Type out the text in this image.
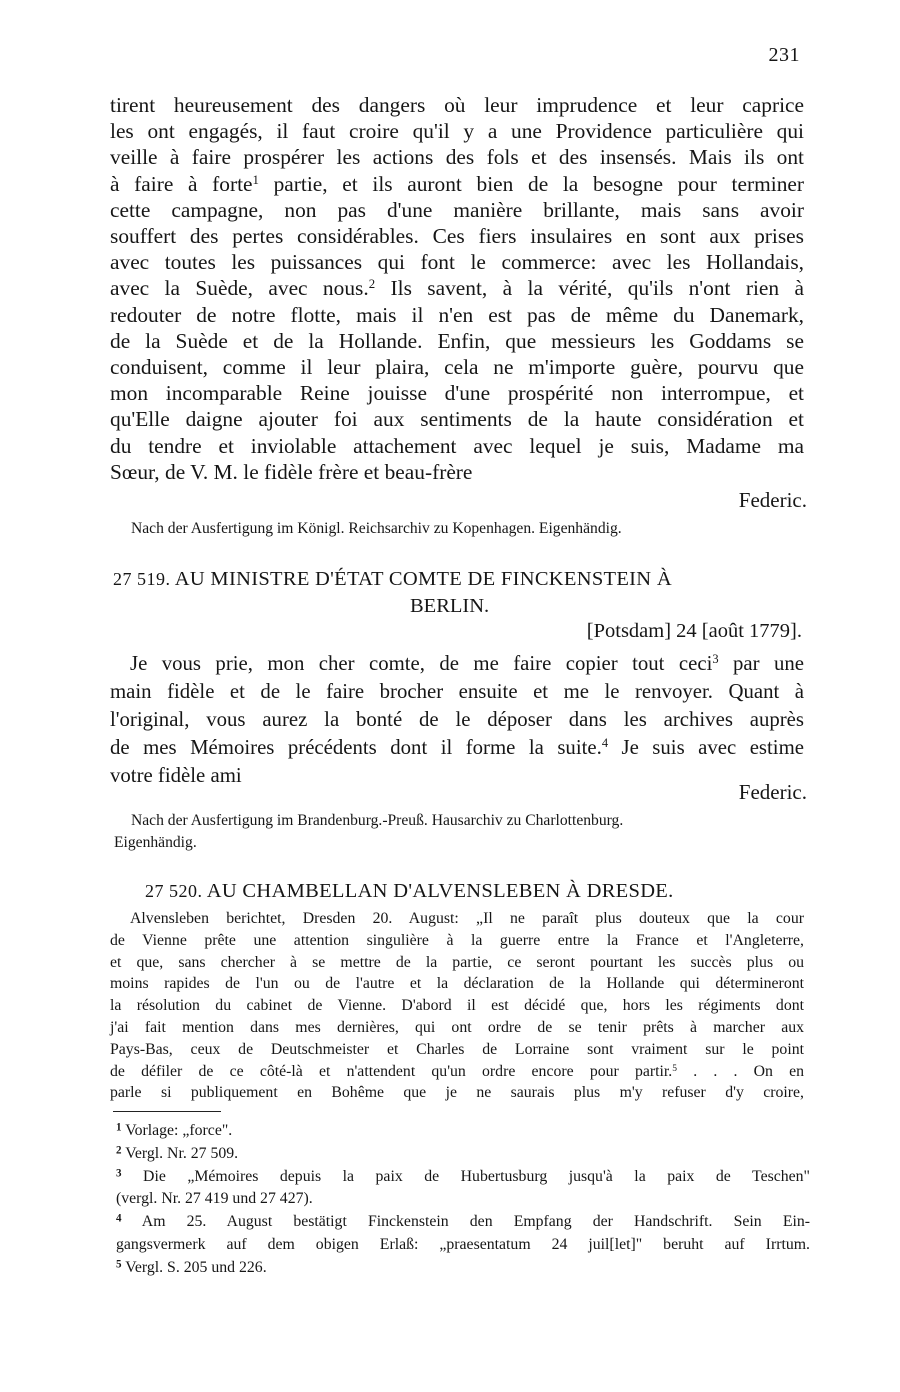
231
tirent heureusement des dangers où leur imprudence et leur caprice
les ont engagés, il faut croire qu'il y a une Providence particulière qui
veille à faire prospérer les actions des fols et des insensés. Mais ils ont
à faire à forte$^1$ partie, et ils auront bien de la besogne pour terminer
cette campagne, non pas d'une manière brillante, mais sans avoir
souffert des pertes considérables. Ces fiers insulaires en sont aux prises
avec toutes les puissances qui font le commerce: avec les Hollandais,
avec la Suède, avec nous.$^2$ Ils savent, à la vérité, qu'ils n'ont rien à
redouter de notre flotte, mais il n'en est pas de même du Danemark,
de la Suède et de la Hollande. Enfin, que messieurs les Goddams se
conduisent, comme il leur plaira, cela ne m'importe guère, pourvu que
mon incomparable Reine jouisse d'une prospérité non interrompue, et
qu'Elle daigne ajouter foi aux sentiments de la haute considération et
du tendre et inviolable attachement avec lequel je suis, Madame ma
Sœur, de V. M. le fidèle frère et beau-frère
Federic.
Nach der Ausfertigung im Königl. Reichsarchiv zu Kopenhagen. Eigenhändig.
27 519. AU MINISTRE D'ÉTAT COMTE DE FINCKENSTEIN À
BERLIN.
[Potsdam] 24 [août 1779].
Je vous prie, mon cher comte, de me faire copier tout ceci$^3$ par une
main fidèle et de le faire brocher ensuite et me le renvoyer. Quant à
l'original, vous aurez la bonté de le déposer dans les archives auprès
de mes Mémoires précédents dont il forme la suite.$^4$ Je suis avec estime
votre fidèle ami
Federic.
Nach der Ausfertigung im Brandenburg.-Preuß. Hausarchiv zu Charlottenburg.
Eigenhändig.
27 520. AU CHAMBELLAN D'ALVENSLEBEN À DRESDE.
Alvensleben berichtet, Dresden 20. August: „Il ne paraît plus douteux que la cour
de Vienne prête une attention singulière à la guerre entre la France et l'Angleterre,
et que, sans chercher à se mettre de la partie, ce seront pourtant les succès plus ou
moins rapides de l'un ou de l'autre et la déclaration de la Hollande qui détermineront
la résolution du cabinet de Vienne. D'abord il est décidé que, hors les régiments dont
j'ai fait mention dans mes dernières, qui ont ordre de se tenir prêts à marcher aux
Pays-Bas, ceux de Deutschmeister et Charles de Lorraine sont vraiment sur le point
de défiler de ce côté-là et n'attendent qu'un ordre encore pour partir.$^5$ . . . On en
parle si publiquement en Bohême que je ne saurais plus m'y refuser d'y croire,
$^1$ Vorlage: „force".
$^2$ Vergl. Nr. 27 509.
$^3$ Die „Mémoires depuis la paix de Hubertusburg jusqu'à la paix de Teschen"
(vergl. Nr. 27 419 und 27 427).
$^4$ Am 25. August bestätigt Finckenstein den Empfang der Handschrift. Sein Ein-
gangsvermerk auf dem obigen Erlaß: „praesentatum 24 juil[let]" beruht auf Irrtum.
$^5$ Vergl. S. 205 und 226.
